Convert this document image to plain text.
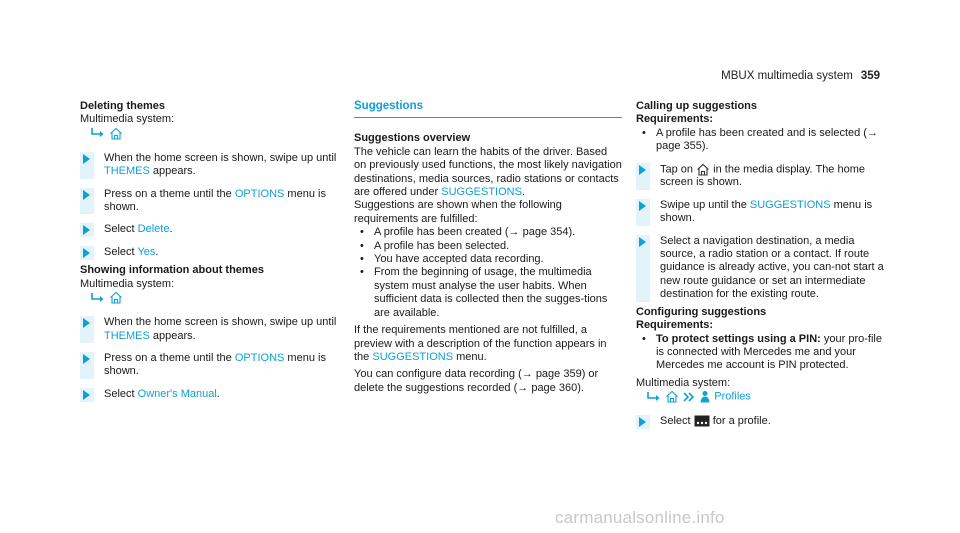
MBUX multimedia system 359
Deleting themes
Multimedia system:

When the home screen is shown, swipe up until THEMES appears.
Press on a theme until the OPTIONS menu is shown.
Select Delete.
Select Yes.
Showing information about themes
Multimedia system:

When the home screen is shown, swipe up until THEMES appears.
Press on a theme until the OPTIONS menu is shown.
Select Owner's Manual.
Suggestions
Suggestions overview
The vehicle can learn the habits of the driver. Based on previously used functions, the most likely navigation destinations, media sources, radio stations or contacts are offered under SUGGESTIONS.
Suggestions are shown when the following requirements are fulfilled:
• A profile has been created (→ page 354).
• A profile has been selected.
• You have accepted data recording.
• From the beginning of usage, the multimedia system must analyse the user habits. When sufficient data is collected then the sugges-tions are available.
If the requirements mentioned are not fulfilled, a preview with a description of the function appears in the SUGGESTIONS menu.
You can configure data recording (→ page 359) or delete the suggestions recorded (→ page 360).
Calling up suggestions
Requirements:
• A profile has been created and is selected (→ page 355).
Tap on  in the media display. The home screen is shown.
Swipe up until the SUGGESTIONS menu is shown.
Select a navigation destination, a media source, a radio station or a contact. If route guidance is already active, you can-not start a new route guidance or set an intermediate destination for the existing route.
Configuring suggestions
Requirements:
• To protect settings using a PIN: your pro-file is connected with Mercedes me and your Mercedes me account is PIN protected.
Multimedia system:
Profiles
Select  for a profile.
carmanualsonline.info
